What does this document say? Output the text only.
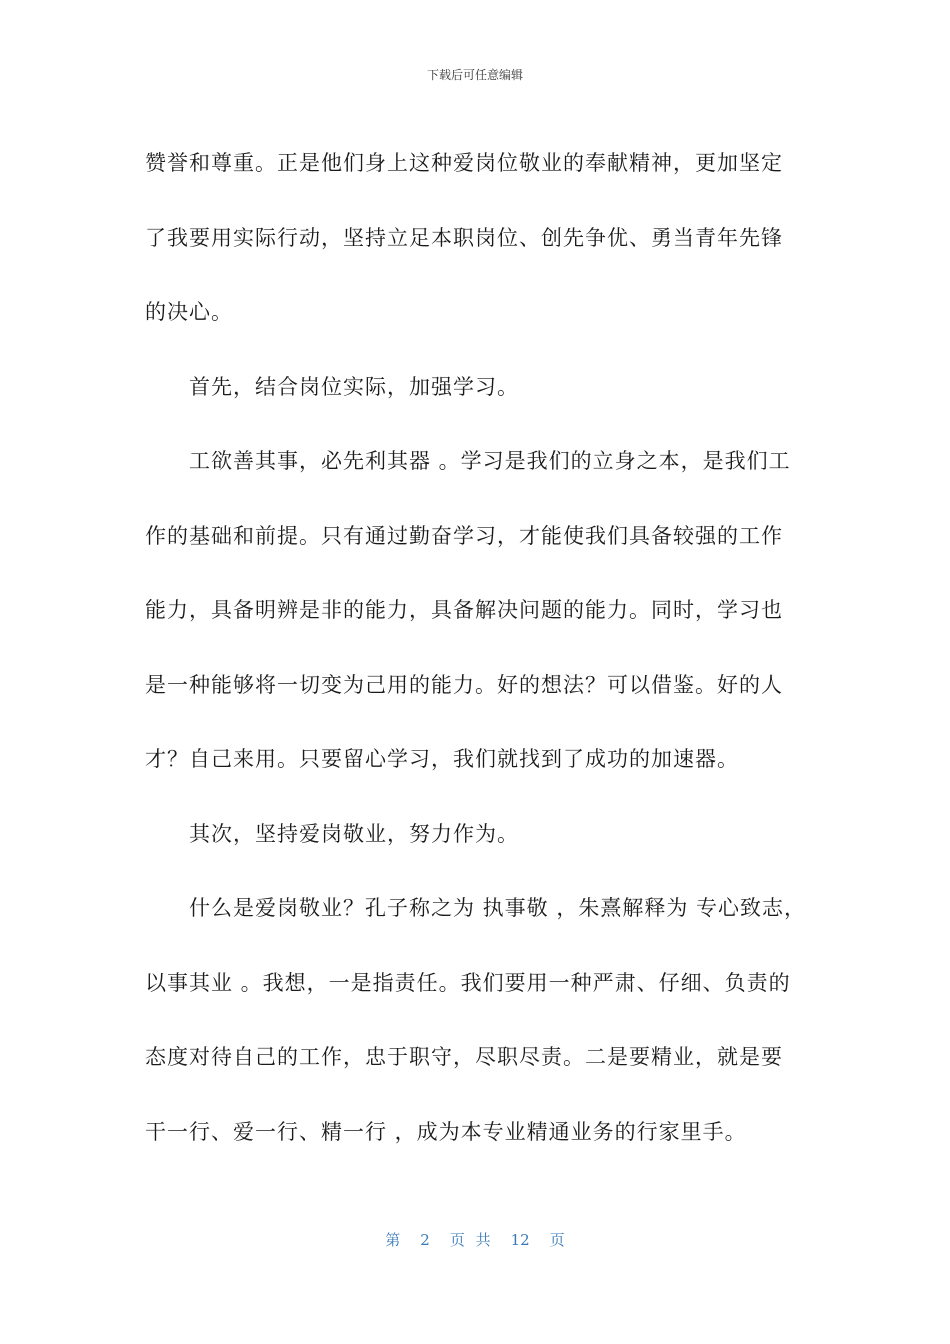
下载后可任意编辑
赞誉和尊重。正是他们身上这种爱岗位敬业的奉献精神，更加坚定
了我要用实际行动，坚持立足本职岗位、创先争优、勇当青年先锋
的决心。
首先，结合岗位实际，加强学习。
工欲善其事，必先利其器 。学习是我们的立身之本，是我们工
作的基础和前提。只有通过勤奋学习，才能使我们具备较强的工作
能力，具备明辨是非的能力，具备解决问题的能力。同时，学习也
是一种能够将一切变为己用的能力。好的想法？可以借鉴。好的人
才？自己来用。只要留心学习，我们就找到了成功的加速器。
其次，坚持爱岗敬业，努力作为。
什么是爱岗敬业？孔子称之为 执事敬 ，朱熹解释为 专心致志，
以事其业 。我想，一是指责任。我们要用一种严肃、仔细、负责的
态度对待自己的工作，忠于职守，尽职尽责。二是要精业，就是要
干一行、爱一行、精一行 ，成为本专业精通业务的行家里手。
第 2 页 共 12 页
